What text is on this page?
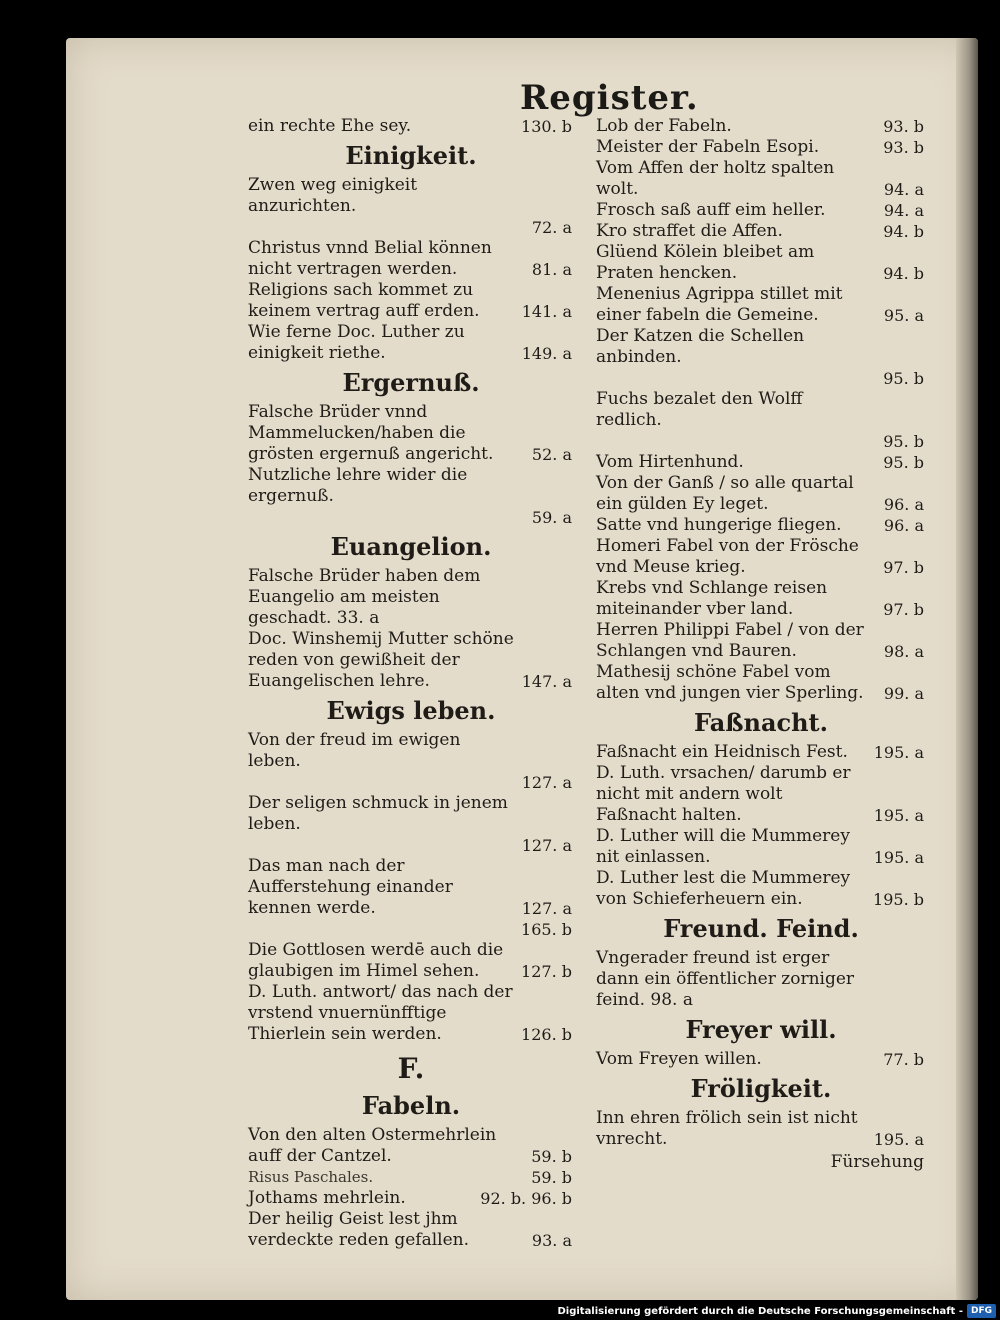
Register.
ein rechte Ehe sey.	130. b
Einigkeit.
Zwen weg einigkeit anzurichten.
72. a
Christus vnnd Belial können nicht vertragen werden.	81. a
Religions sach kommet zu keinem vertrag auff erden.	141. a
Wie ferne Doc. Luther zu einigkeit riethe.	149. a
Ergernuß.
Falsche Brüder vnnd Mammelucken/haben die grösten ergernuß angericht.	52. a
Nutzliche lehre wider die ergernuß.
59. a
Euangelion.
Falsche Brüder haben dem Euangelio am meisten geschadt. 33. a
Doc. Winshemij Mutter schöne reden von gewißheit der Euangelischen lehre.	147. a
Ewigs leben.
Von der freud im ewigen leben.
127. a
Der seligen schmuck in jenem leben.
127. a
Das man nach der Aufferstehung einander kennen werde.	127. a
165. b
Die Gottlosen werdē auch die glaubigen im Himel sehen.	127. b
D. Luth. antwort/ das nach der vrstend vnuernünfftige Thierlein sein werden.	126. b
F.
Fabeln.
Von den alten Ostermehrlein auff der Cantzel.	59. b
Risus Paschales.	59. b
Jothams mehrlein.	92. b. 96. b
Der heilig Geist lest jhm verdeckte reden gefallen.	93. a
Lob der Fabeln.	93. b
Meister der Fabeln Esopi.	93. b
Vom Affen der holtz spalten wolt.	94. a
Frosch saß auff eim heller.	94. a
Kro straffet die Affen.	94. b
Glüend Kölein bleibet am Praten hencken.	94. b
Menenius Agrippa stillet mit einer fabeln die Gemeine.	95. a
Der Katzen die Schellen anbinden.
95. b
Fuchs bezalet den Wolff redlich.
95. b
Vom Hirtenhund.	95. b
Von der Ganß / so alle quartal ein gülden Ey leget.	96. a
Satte vnd hungerige fliegen.	96. a
Homeri Fabel von der Frösche vnd Meuse krieg.	97. b
Krebs vnd Schlange reisen miteinander vber land.	97. b
Herren Philippi Fabel / von der Schlangen vnd Bauren.	98. a
Mathesij schöne Fabel vom alten vnd jungen vier Sperling.	99. a
Faßnacht.
Faßnacht ein Heidnisch Fest.	195. a
D. Luth. vrsachen/ darumb er nicht mit andern wolt Faßnacht halten.	195. a
D. Luther will die Mummerey nit einlassen.	195. a
D. Luther lest die Mummerey von Schieferheuern ein.	195. b
Freund. Feind.
Vngerader freund ist erger dann ein öffentlicher zorniger feind. 98. a
Freyer will.
Vom Freyen willen.	77. b
Fröligkeit.
Inn ehren frölich sein ist nicht vnrecht.	195. a
Fürsehung
Digitalisierung gefördert durch die Deutsche Forschungsgemeinschaft - DFG
